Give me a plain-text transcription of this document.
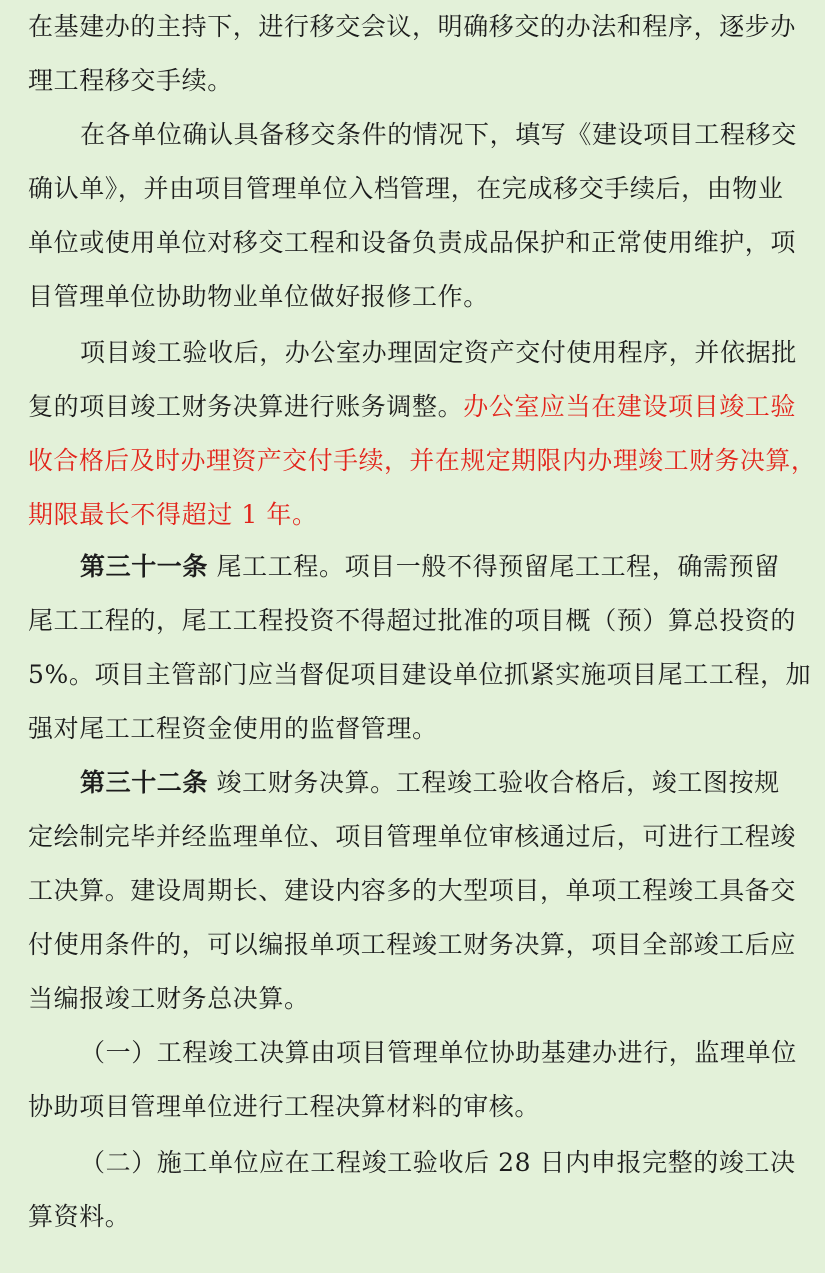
在基建办的主持下，进行移交会议，明确移交的办法和程序，逐步办
理工程移交手续。
在各单位确认具备移交条件的情况下，填写《建设项目工程移交
确认单》，并由项目管理单位入档管理，在完成移交手续后，由物业
单位或使用单位对移交工程和设备负责成品保护和正常使用维护，项
目管理单位协助物业单位做好报修工作。
项目竣工验收后，办公室办理固定资产交付使用程序，并依据批
复的项目竣工财务决算进行账务调整。办公室应当在建设项目竣工验
收合格后及时办理资产交付手续，并在规定期限内办理竣工财务决算，
期限最长不得超过 1 年。
第三十一条 尾工工程。项目一般不得预留尾工工程，确需预留
尾工工程的，尾工工程投资不得超过批准的项目概（预）算总投资的
5%。项目主管部门应当督促项目建设单位抓紧实施项目尾工工程，加
强对尾工工程资金使用的监督管理。
第三十二条 竣工财务决算。工程竣工验收合格后，竣工图按规
定绘制完毕并经监理单位、项目管理单位审核通过后，可进行工程竣
工决算。建设周期长、建设内容多的大型项目，单项工程竣工具备交
付使用条件的，可以编报单项工程竣工财务决算，项目全部竣工后应
当编报竣工财务总决算。
（一）工程竣工决算由项目管理单位协助基建办进行，监理单位
协助项目管理单位进行工程决算材料的审核。
（二）施工单位应在工程竣工验收后 28 日内申报完整的竣工决
算资料。
